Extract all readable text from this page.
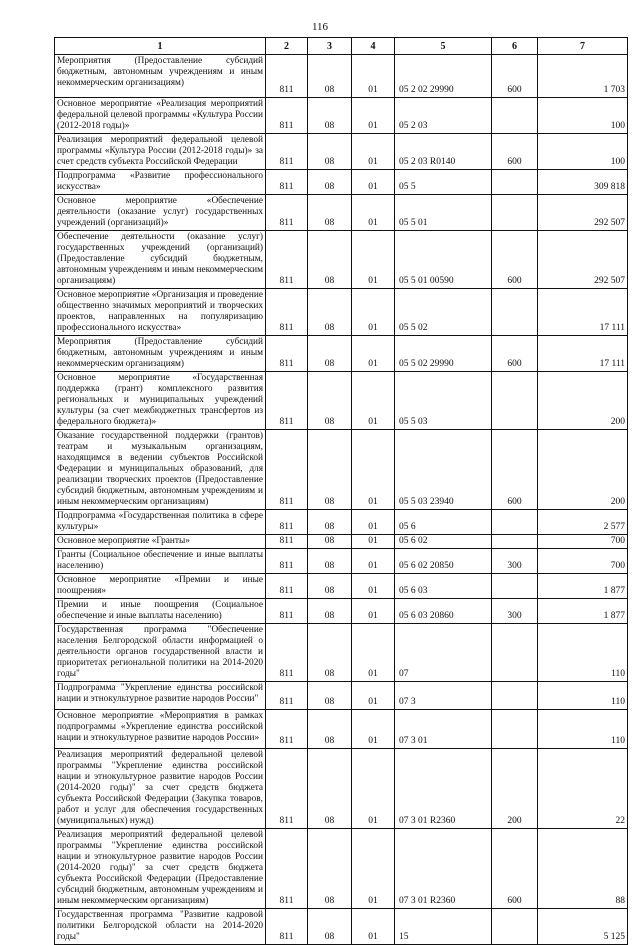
116
1	2	3	4	5	6	7
Мероприятия (Предоставление субсидий бюджетным, автономным учреждениям и иным некоммерческим организациям)	811	08	01	05 2 02 29990	600	1 703
Основное мероприятие «Реализация мероприятий федеральной целевой программы «Культура России (2012-2018 годы)»	811	08	01	05 2 03		100
Реализация мероприятий федеральной целевой программы «Культура России (2012-2018 годы)» за счет средств субъекта Российской Федерации	811	08	01	05 2 03 R0140	600	100
Подпрограмма «Развитие профессионального искусства»	811	08	01	05 5		309 818
Основное мероприятие «Обеспечение деятельности (оказание услуг) государственных учреждений (организаций)»	811	08	01	05 5 01		292 507
Обеспечение деятельности (оказание услуг) государственных учреждений (организаций) (Предоставление субсидий бюджетным, автономным учреждениям и иным некоммерческим организациям)	811	08	01	05 5 01 00590	600	292 507
Основное мероприятие «Организация и проведение общественно значимых мероприятий и творческих проектов, направленных на популяризацию профессионального искусства»	811	08	01	05 5 02		17 111
Мероприятия (Предоставление субсидий бюджетным, автономным учреждениям и иным некоммерческим организациям)	811	08	01	05 5 02 29990	600	17 111
Основное мероприятие «Государственная поддержка (грант) комплексного развития региональных и муниципальных учреждений культуры (за счет межбюджетных трансфертов из федерального бюджета)»	811	08	01	05 5 03		200
Оказание государственной поддержки (грантов) театрам и музыкальным организациям, находящимся в ведении субъектов Российской Федерации и муниципальных образований, для реализации творческих проектов (Предоставление субсидий бюджетным, автономным учреждениям и иным некоммерческим организациям)	811	08	01	05 5 03 23940	600	200
Подпрограмма «Государственная политика в сфере культуры»	811	08	01	05 6		2 577
Основное мероприятие «Гранты»	811	08	01	05 6 02		700
Гранты (Социальное обеспечение и иные выплаты населению)	811	08	01	05 6 02 20850	300	700
Основное мероприятие «Премии и иные поощрения»	811	08	01	05 6 03		1 877
Премии и иные поощрения (Социальное обеспечение и иные выплаты населению)	811	08	01	05 6 03 20860	300	1 877
Государственная программа "Обеспечение населения Белгородской области информацией о деятельности органов государственной власти и приоритетах региональной политики на 2014-2020 годы"	811	08	01	07		110
Подпрограмма "Укрепление единства российской нации и этнокультурное развитие народов России"	811	08	01	07 3		110
Основное мероприятие «Мероприятия в рамках подпрограммы «Укрепление единства российской нации и этнокультурное развитие народов России»	811	08	01	07 3 01		110
Реализация мероприятий федеральной целевой программы "Укрепление единства российской нации и этнокультурное развитие народов России (2014-2020 годы)" за счет средств бюджета субъекта Российской Федерации (Закупка товаров, работ и услуг для обеспечения государственных (муниципальных) нужд)	811	08	01	07 3 01 R2360	200	22
Реализация мероприятий федеральной целевой программы "Укрепление единства российской нации и этнокультурное развитие народов России (2014-2020 годы)" за счет средств бюджета субъекта Российской Федерации (Предоставление субсидий бюджетным, автономным учреждениям и иным некоммерческим организациям)	811	08	01	07 3 01 R2360	600	88
Государственная программа "Развитие кадровой политики Белгородской области на 2014-2020 годы"	811	08	01	15		5 125
